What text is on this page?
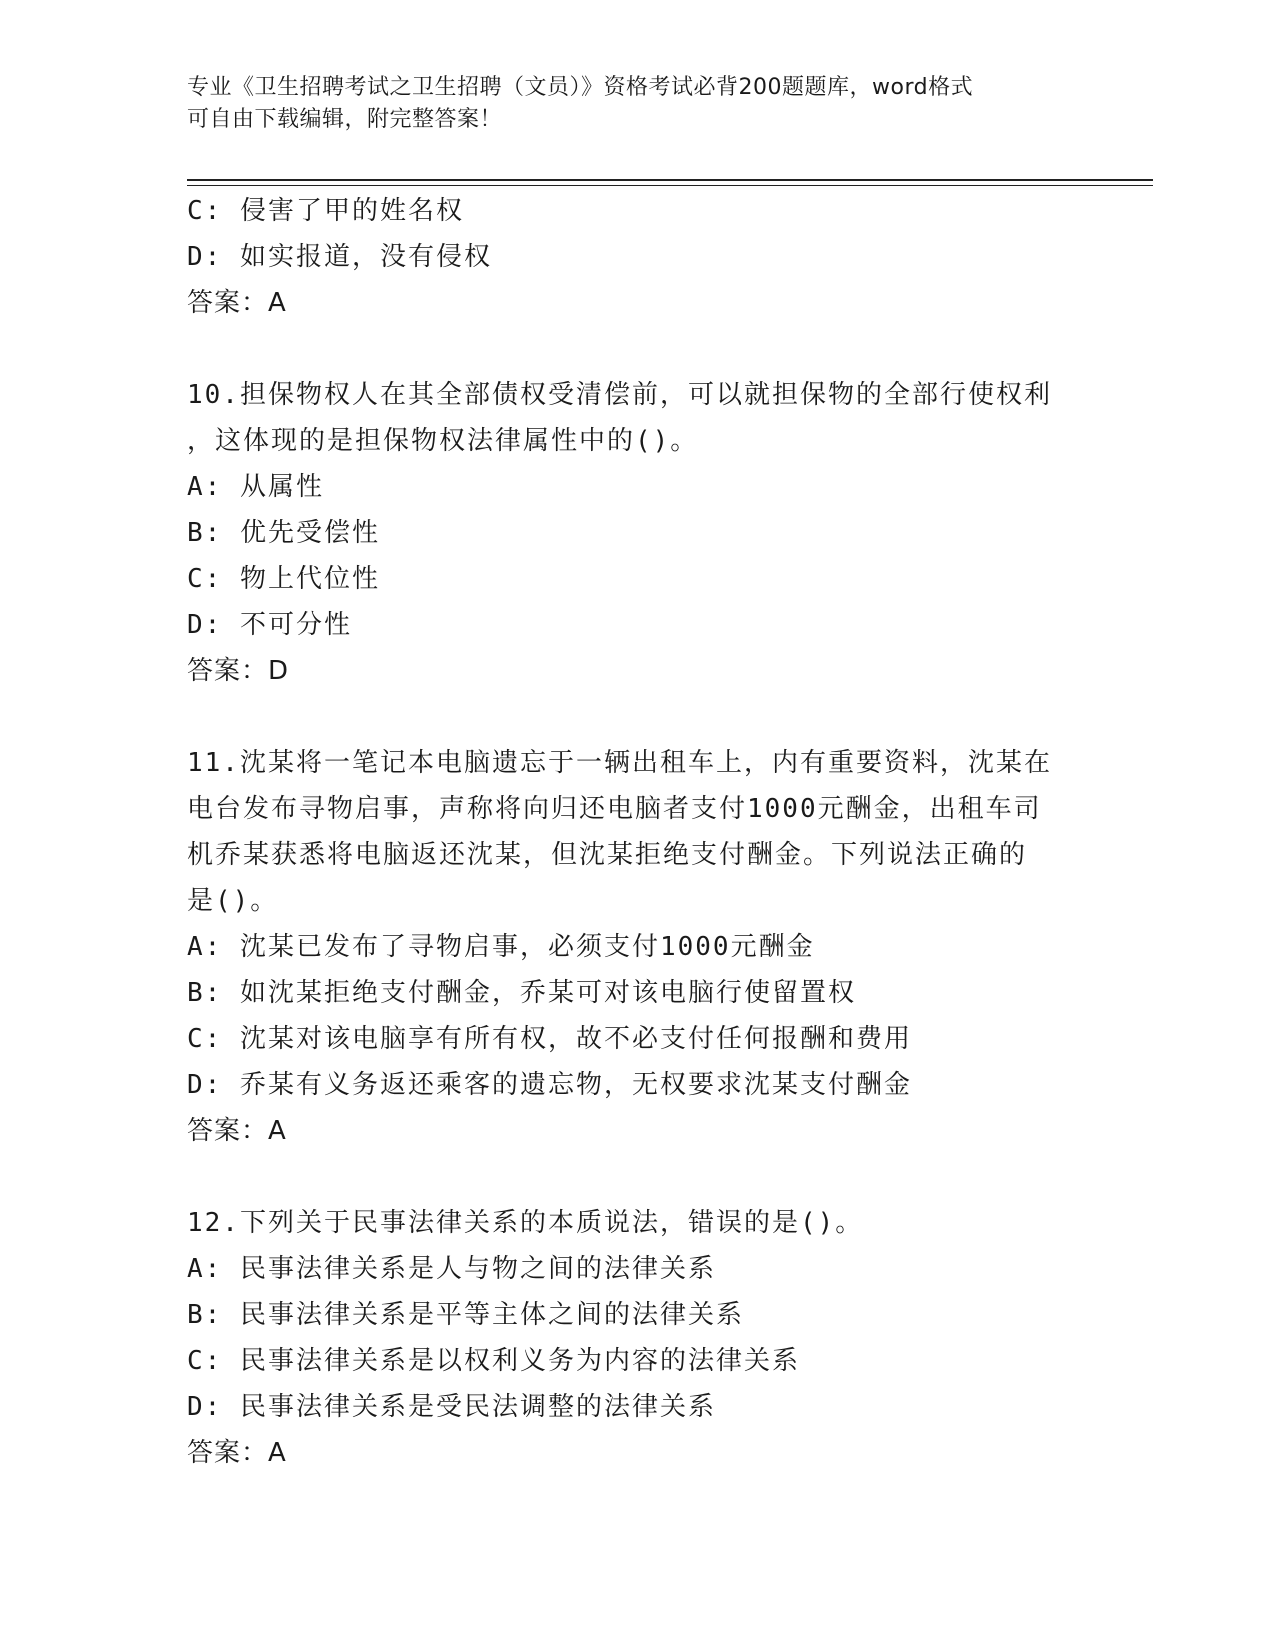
专业《卫生招聘考试之卫生招聘（文员）》资格考试必背200题题库，word格式
可自由下载编辑，附完整答案！
C: 侵害了甲的姓名权
D: 如实报道，没有侵权
答案：A
10.担保物权人在其全部债权受清偿前，可以就担保物的全部行使权利
，这体现的是担保物权法律属性中的()。
A: 从属性
B: 优先受偿性
C: 物上代位性
D: 不可分性
答案：D
11.沈某将一笔记本电脑遗忘于一辆出租车上，内有重要资料，沈某在
电台发布寻物启事，声称将向归还电脑者支付1000元酬金，出租车司
机乔某获悉将电脑返还沈某，但沈某拒绝支付酬金。下列说法正确的
是()。
A: 沈某已发布了寻物启事，必须支付1000元酬金
B: 如沈某拒绝支付酬金，乔某可对该电脑行使留置权
C: 沈某对该电脑享有所有权，故不必支付任何报酬和费用
D: 乔某有义务返还乘客的遗忘物，无权要求沈某支付酬金
答案：A
12.下列关于民事法律关系的本质说法，错误的是()。
A: 民事法律关系是人与物之间的法律关系
B: 民事法律关系是平等主体之间的法律关系
C: 民事法律关系是以权利义务为内容的法律关系
D: 民事法律关系是受民法调整的法律关系
答案：A
